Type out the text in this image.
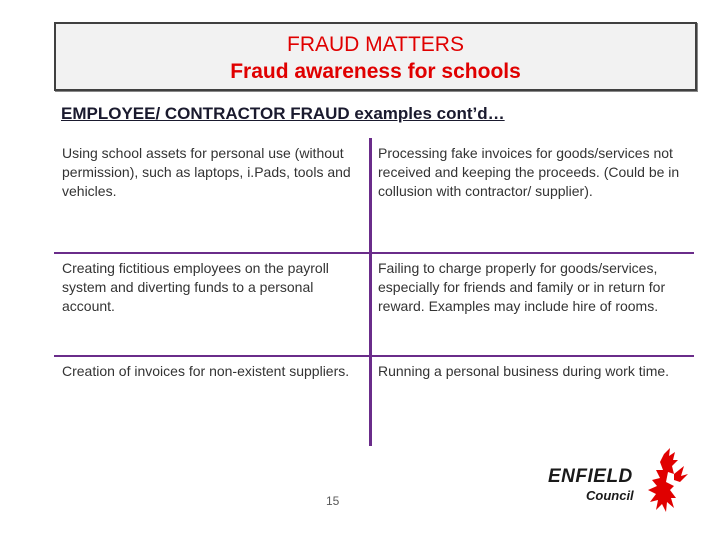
FRAUD MATTERS
Fraud awareness for schools
EMPLOYEE/ CONTRACTOR FRAUD examples cont’d…
Using school assets for personal use (without permission), such as laptops, i.Pads, tools and vehicles.
Processing fake invoices for goods/services not received and keeping the proceeds. (Could be in collusion with contractor/ supplier).
Creating fictitious employees on the payroll system and diverting funds to a personal account.
Failing to charge properly for goods/services, especially for friends and family or in return for reward. Examples may include hire of rooms.
Creation of invoices for non-existent suppliers.	Running a personal business during work time.
15
ENFIELD
Council
